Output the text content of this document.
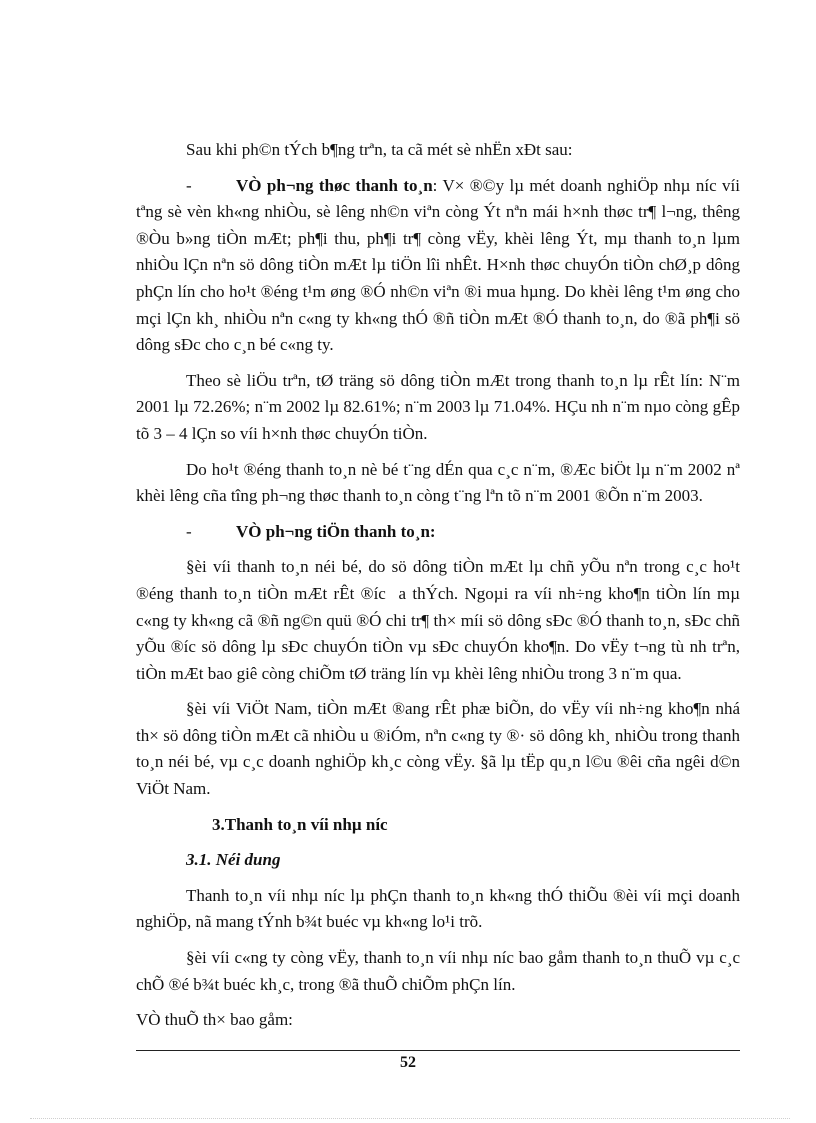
Sau khi ph©n tÝch b¶ng trªn, ta cã mét sè nhËn xÐt sau:

-	VÒ ph¬ng thøc thanh to¸n: V× ®©y lµ mét doanh nghiÖp nhµ níc víi tªng sè vèn kh«ng nhiÒu, sè lêng nh©n viªn còng Ýt nªn mái h×nh thøc tr¶ l¬ng, thêng ®Òu b»ng tiÒn mÆt; ph¶i thu, ph¶i tr¶ còng vËy, khèi lêng Ýt, mµ thanh to¸n lµm nhiÒu lÇn nªn sö dông tiÒn mÆt lµ tiÖn lîi nhÊt. H×nh thøc chuyÓn tiÒn chØ¸p dông phÇn lín cho ho¹t ®éng t¹m øng ®Ó nh©n viªn ®i mua hµng. Do khèi lêng t¹m øng cho mçi lÇn kh¸ nhiÒu nªn c«ng ty kh«ng thÓ ®ñ tiÒn mÆt ®Ó thanh to¸n, do ®ã ph¶i sö dông sÐc cho c¸n bé c«ng ty.

Theo sè liÖu trªn, tØ träng sö dông tiÒn mÆt trong thanh to¸n lµ rÊt lín: N¨m 2001 lµ 72.26%; n¨m 2002 lµ 82.61%; n¨m 2003 lµ 71.04%. HÇu nh n¨m nµo còng gÊp tõ 3 – 4 lÇn so víi h×nh thøc chuyÓn tiÒn.

Do ho¹t ®éng thanh to¸n nè bé t¨ng dÉn qua c¸c n¨m, ®Æc biÖt lµ n¨m 2002 nª khèi lêng cña tîng ph¬ng thøc thanh to¸n còng t¨ng lªn tõ n¨m 2001 ®Õn n¨m 2003.

-	VÒ ph¬ng tiÖn thanh to¸n:

§èi víi thanh to¸n néi bé, do sö dông tiÒn mÆt lµ chñ yÕu nªn trong c¸c ho¹t ®éng thanh to¸n tiÒn mÆt rÊt ®íc  a thÝch. Ngoµi ra víi nh÷ng kho¶n tiÒn lín mµ c«ng ty kh«ng cã ®ñ ng©n quü ®Ó chi tr¶ th× míi sö dông sÐc ®Ó thanh to¸n, sÐc chñ yÕu ®íc sö dông lµ sÐc chuyÓn tiÒn vµ sÐc chuyÓn kho¶n. Do vËy t¬ng tù nh trªn, tiÒn mÆt bao giê còng chiÕm tØ träng lín vµ khèi lêng nhiÒu trong 3 n¨m qua.

§èi víi ViÖt Nam, tiÒn mÆt ®ang rÊt phæ biÕn, do vËy víi nh÷ng kho¶n nhá th× sö dông tiÒn mÆt cã nhiÒu u ®iÓm, nªn c«ng ty ®· sö dông kh¸ nhiÒu trong thanh to¸n néi bé, vµ c¸c doanh nghiÖp kh¸c còng vËy. §ã lµ tËp qu¸n l©u ®êi cña ngêi d©n ViÖt Nam.

3.Thanh to¸n víi nhµ níc

3.1. Néi dung

Thanh to¸n víi nhµ níc lµ phÇn thanh to¸n kh«ng thÓ thiÕu ®èi víi mçi doanh nghiÖp, nã mang tÝnh b¾t buéc vµ kh«ng lo¹i trõ.

§èi víi c«ng ty còng vËy, thanh to¸n víi nhµ níc bao gåm thanh to¸n thuÕ vµ c¸c chÕ ®é b¾t buéc kh¸c, trong ®ã thuÕ chiÕm phÇn lín.

VÒ thuÕ th× bao gåm:

52
